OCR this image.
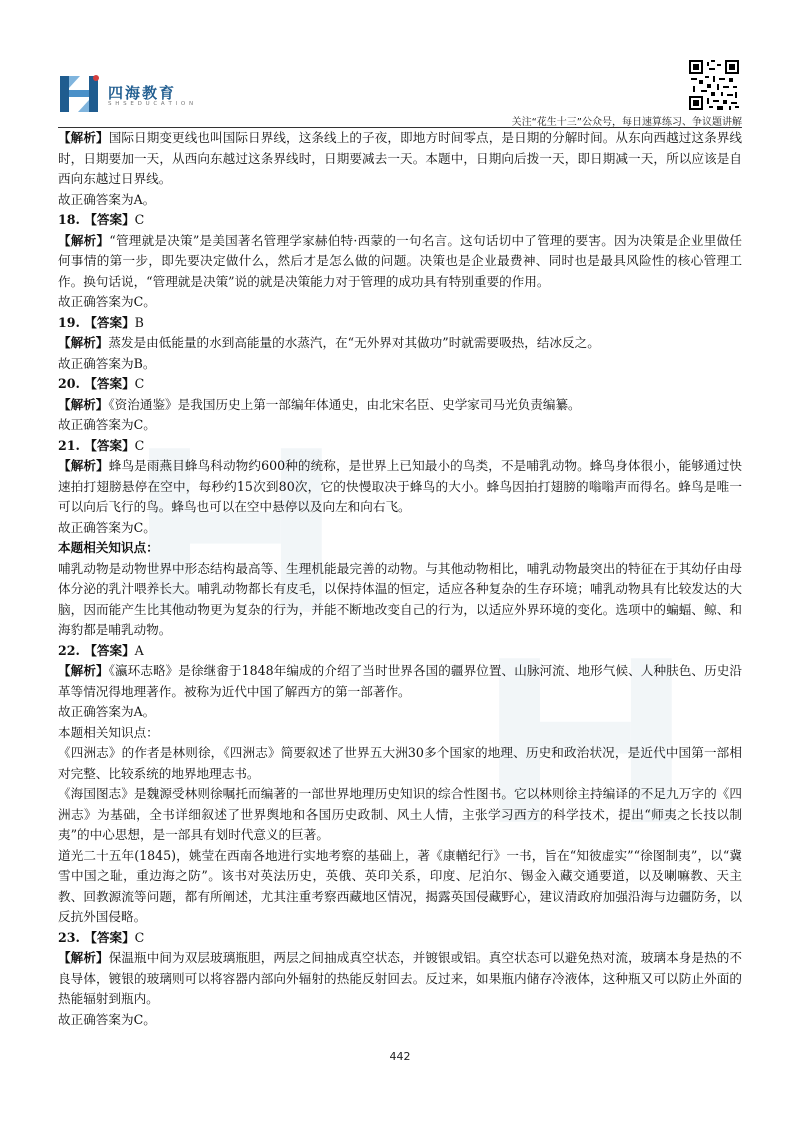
四海教育
S H S E D U C A T I O N
关注“花生十三”公众号，每日速算练习、争议题讲解

【解析】国际日期变更线也叫国际日界线，这条线上的子夜，即地方时间零点，是日期的分解时间。从东向西越过这条界线时，日期要加一天，从西向东越过这条界线时，日期要减去一天。本题中，日期向后拨一天，即日期减一天，所以应该是自西向东越过日界线。

故正确答案为A。

18. 【答案】C

【解析】“管理就是决策”是美国著名管理学家赫伯特·西蒙的一句名言。这句话切中了管理的要害。因为决策是企业里做任何事情的第一步，即先要决定做什么，然后才是怎么做的问题。决策也是企业最费神、同时也是最具风险性的核心管理工作。换句话说，“管理就是决策”说的就是决策能力对于管理的成功具有特别重要的作用。

故正确答案为C。

19. 【答案】B

【解析】蒸发是由低能量的水到高能量的水蒸汽，在“无外界对其做功”时就需要吸热，结冰反之。

故正确答案为B。

20. 【答案】C

【解析】《资治通鉴》是我国历史上第一部编年体通史，由北宋名臣、史学家司马光负责编纂。

故正确答案为C。

21. 【答案】C

【解析】蜂鸟是雨燕目蜂鸟科动物约600种的统称，是世界上已知最小的鸟类，不是哺乳动物。蜂鸟身体很小，能够通过快速拍打翅膀悬停在空中，每秒约15次到80次，它的快慢取决于蜂鸟的大小。蜂鸟因拍打翅膀的嗡嗡声而得名。蜂鸟是唯一可以向后飞行的鸟。蜂鸟也可以在空中悬停以及向左和向右飞。

故正确答案为C。

本题相关知识点：

哺乳动物是动物世界中形态结构最高等、生理机能最完善的动物。与其他动物相比，哺乳动物最突出的特征在于其幼仔由母体分泌的乳汁喂养长大。哺乳动物都长有皮毛，以保持体温的恒定，适应各种复杂的生存环境；哺乳动物具有比较发达的大脑，因而能产生比其他动物更为复杂的行为，并能不断地改变自己的行为，以适应外界环境的变化。选项中的蝙蝠、鲸、和海豹都是哺乳动物。

22. 【答案】A

【解析】《瀛环志略》是徐继畬于1848年编成的介绍了当时世界各国的疆界位置、山脉河流、地形气候、人种肤色、历史沿革等情况得地理著作。被称为近代中国了解西方的第一部著作。

故正确答案为A。

本题相关知识点：

《四洲志》的作者是林则徐，《四洲志》简要叙述了世界五大洲30多个国家的地理、历史和政治状况，是近代中国第一部相对完整、比较系统的地界地理志书。

《海国图志》是魏源受林则徐嘱托而编著的一部世界地理历史知识的综合性图书。它以林则徐主持编译的不足九万字的《四洲志》为基础，全书详细叙述了世界舆地和各国历史政制、风土人情，主张学习西方的科学技术，提出“师夷之长技以制夷”的中心思想，是一部具有划时代意义的巨著。

道光二十五年(1845)，姚莹在西南各地进行实地考察的基础上，著《康輶纪行》一书，旨在“知彼虚实”“徐图制夷”，以“冀雪中国之耻，重边海之防”。该书对英法历史，英俄、英印关系，印度、尼泊尔、锡金入藏交通要道，以及喇嘛教、天主教、回教源流等问题，都有所阐述，尤其注重考察西藏地区情况，揭露英国侵藏野心，建议清政府加强沿海与边疆防务，以反抗外国侵略。

23. 【答案】C

【解析】保温瓶中间为双层玻璃瓶胆，两层之间抽成真空状态，并镀银或铝。真空状态可以避免热对流，玻璃本身是热的不良导体，镀银的玻璃则可以将容器内部向外辐射的热能反射回去。反过来，如果瓶内储存冷液体，这种瓶又可以防止外面的热能辐射到瓶内。

故正确答案为C。

442
